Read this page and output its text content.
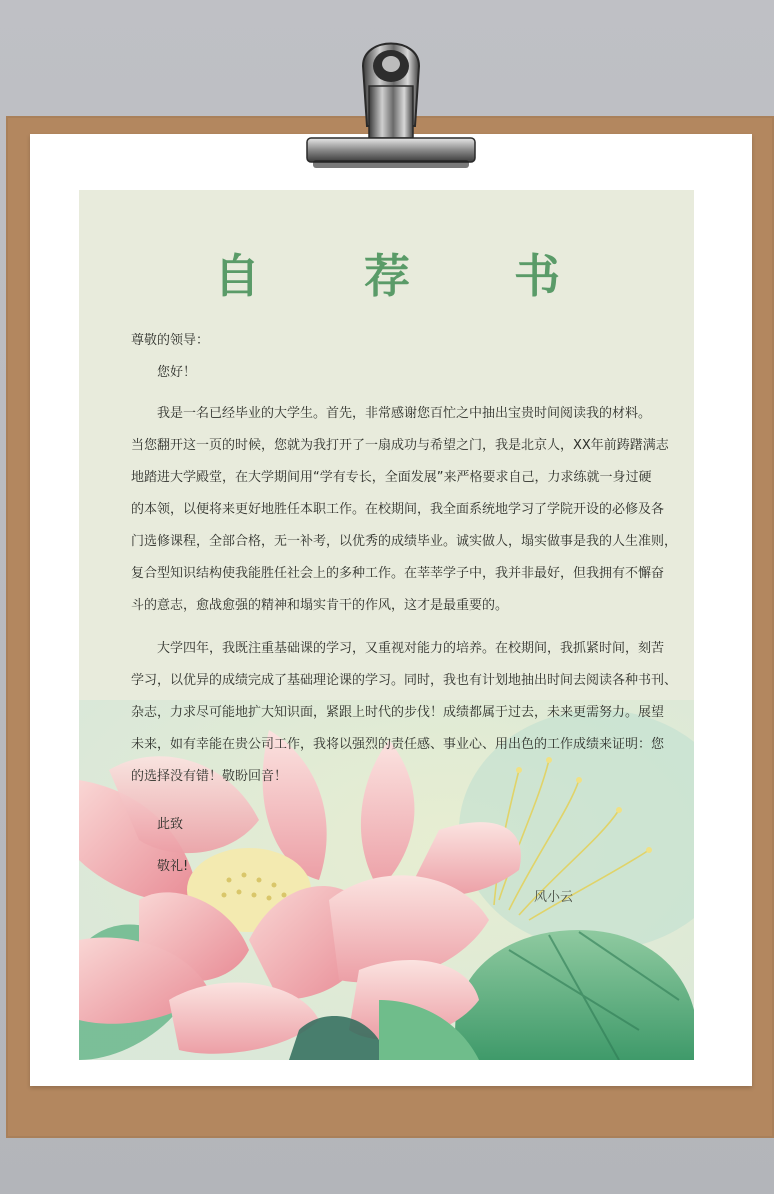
自 荐 书

尊敬的领导：

您好！

　　我是一名已经毕业的大学生。首先，非常感谢您百忙之中抽出宝贵时间阅读我的材料。
当您翻开这一页的时候，您就为我打开了一扇成功与希望之门，我是北京人，XX年前踌躇满志
地踏进大学殿堂，在大学期间用“学有专长，全面发展”来严格要求自己，力求练就一身过硬
的本领，以便将来更好地胜任本职工作。在校期间，我全面系统地学习了学院开设的必修及各
门选修课程，全部合格，无一补考，以优秀的成绩毕业。诚实做人，塌实做事是我的人生准则，
复合型知识结构使我能胜任社会上的多种工作。在莘莘学子中，我并非最好，但我拥有不懈奋
斗的意志，愈战愈强的精神和塌实肯干的作风，这才是最重要的。
大学四年，我既注重基础课的学习，又重视对能力的培养。在校期间，我抓紧时间，刻苦
学习，以优异的成绩完成了基础理论课的学习。同时，我也有计划地抽出时间去阅读各种书刊、
杂志，力求尽可能地扩大知识面，紧跟上时代的步伐！成绩都属于过去，未来更需努力。展望
未来，如有幸能在贵公司工作，我将以强烈的责任感、事业心、用出色的工作成绩来证明：您
的选择没有错！敬盼回音！

此致

敬礼!

风小云
